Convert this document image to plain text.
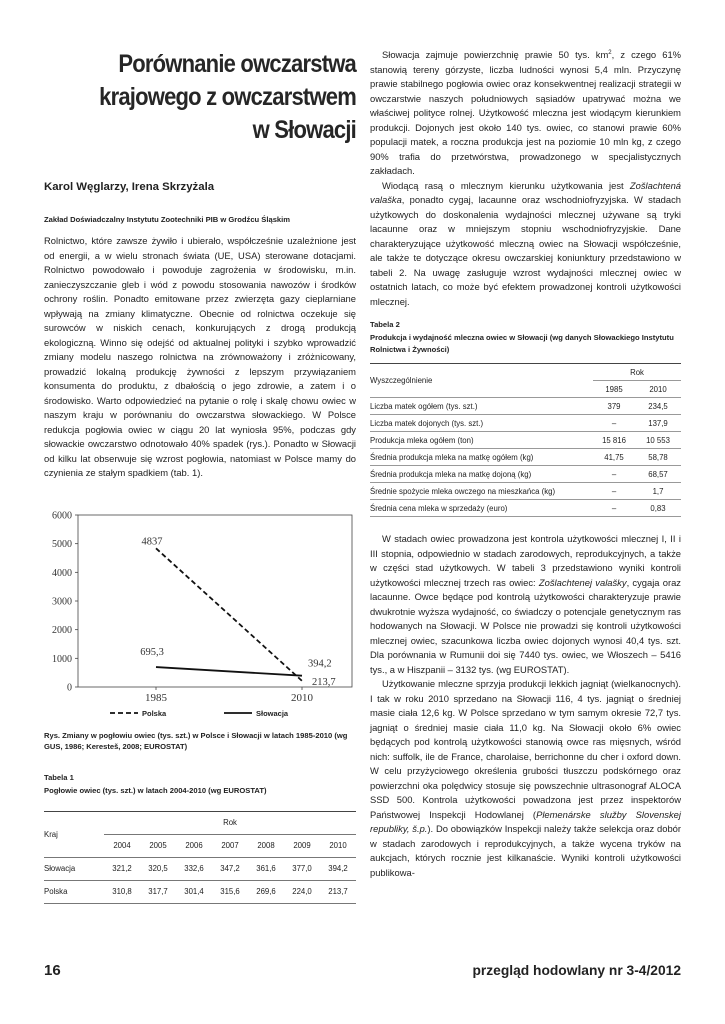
Porównanie owczarstwa
krajowego z owczarstwem
w Słowacji
Karol Węglarzy, Irena Skrzyżala
Zakład Doświadczalny Instytutu Zootechniki PIB w Grodźcu Śląskim

Rolnictwo, które zawsze żywiło i ubierało, współcześnie uzależnione jest od energii, a w wielu stronach świata (UE, USA) sterowane dotacjami. Rolnictwo powodowało i powoduje zagrożenia w środowisku, m.in. zanieczyszczanie gleb i wód z powodu stosowania nawozów i środków ochrony roślin. Ponadto emitowane przez zwierzęta gazy cieplarniane wpływają na zmiany klimatyczne. Obecnie od rolnictwa oczekuje się surowców w niskich cenach, konkurujących z drogą produkcją ekologiczną. Winno się odejść od aktualnej polityki i szybko wprowadzić zmiany modelu naszego rolnictwa na zrównoważony i zróżnicowany, prowadzić lokalną produkcję żywności z lepszym przywiązaniem konsumenta do produktu, z dbałością o jego zdrowie, a zatem i o środowisko. Warto odpowiedzieć na pytanie o rolę i skalę chowu owiec w naszym kraju w porównaniu do owczarstwa słowackiego. W Polsce redukcja pogłowia owiec w ciągu 20 lat wyniosła 95%, podczas gdy słowackie owczarstwo odnotowało 40% spadek (rys.). Ponadto w Słowacji od kilku lat obserwuje się wzrost pogłowia, natomiast w Polsce mamy do czynienia ze stałym spadkiem (tab. 1).

0
1000
2000
3000
4000
5000
6000
1985	2010
4837
213,7
695,3
394,2
Polska	Słowacja
Rys. Zmiany w pogłowiu owiec (tys. szt.) w Polsce i Słowacji w latach 1985-2010 (wg GUS, 1986; Keresteš, 2008; EUROSTAT)
Tabela 1
Pogłowie owiec (tys. szt.) w latach 2004-2010 (wg EUROSTAT)
Kraj	Rok						
	2004	2005	2006	2007	2008	2009	2010
Słowacja	321,2	320,5	332,6	347,2	361,6	377,0	394,2
Polska	310,8	317,7	301,4	315,6	269,6	224,0	213,7

Słowacja zajmuje powierzchnię prawie 50 tys. $km^2$, z czego 61% stanowią tereny górzyste, liczba ludności wynosi 5,4 mln. Przyczynę prawie stabilnego pogłowia owiec oraz konsekwentnej realizacji strategii w owczarstwie naszych południowych sąsiadów upatrywać można we właściwej polityce rolnej. Użytkowość mleczna jest wiodącym kierunkiem produkcji. Dojonych jest około 140 tys. owiec, co stanowi prawie 60% populacji matek, a roczna produkcja jest na poziomie 10 mln kg, z czego 90% trafia do przetwórstwa, prowadzonego w specjalistycznych zakładach.

Wiodącą rasą o mlecznym kierunku użytkowania jest Zošlachtená valaška, ponadto cygaj, lacaunne oraz wschodniofryzyjska. W stadach użytkowych do doskonalenia wydajności mlecznej używane są tryki lacaunne oraz w mniejszym stopniu wschodniofryzyjskie. Dane charakteryzujące użytkowość mleczną owiec na Słowacji współcześnie, ale także te dotyczące okresu owczarskiej koniunktury przedstawiono w tabeli 2. Na uwagę zasługuje wzrost wydajności mlecznej owiec w ostatnich latach, co może być efektem prowadzonej kontroli użytkowości mlecznej.

Tabela 2
Produkcja i wydajność mleczna owiec w Słowacji (wg danych Słowackiego Instytutu Rolnictwa i Żywności)
Wyszczególnienie	Rok	
	1985	2010
Liczba matek ogółem (tys. szt.)	379	234,5
Liczba matek dojonych (tys. szt.)	–	137,9
Produkcja mleka ogółem (ton)	15 816	10 553
Średnia produkcja mleka na matkę ogółem (kg)	41,75	58,78
Średnia produkcja mleka na matkę dojoną (kg)	–	68,57
Średnie spożycie mleka owczego na mieszkańca (kg)	–	1,7
Średnia cena mleka w sprzedaży (euro)	–	0,83

W stadach owiec prowadzona jest kontrola użytkowości mlecznej I, II i III stopnia, odpowiednio w stadach zarodowych, reprodukcyjnych, a także w części stad użytkowych. W tabeli 3 przedstawiono wyniki kontroli użytkowości mlecznej trzech ras owiec: Zošlachtenej valašky, cygaja oraz lacaunne. Owce będące pod kontrolą użytkowości charakteryzuje prawie dwukrotnie wyższa wydajność, co świadczy o potencjale genetycznym ras hodowanych na Słowacji. W Polsce nie prowadzi się kontroli użytkowości mlecznej owiec, szacunkowa liczba owiec dojonych wynosi 40,4 tys. szt. Dla porównania w Rumunii doi się 7440 tys. owiec, we Włoszech – 5416 tys., a w Hiszpanii – 3132 tys. (wg EUROSTAT).

Użytkowanie mleczne sprzyja produkcji lekkich jagniąt (wielkanocnych). I tak w roku 2010 sprzedano na Słowacji 116, 4 tys. jagniąt o średniej masie ciała 12,6 kg. W Polsce sprzedano w tym samym okresie 72,7 tys. jagniąt o średniej masie ciała 11,0 kg. Na Słowacji około 6% owiec będących pod kontrolą użytkowości stanowią owce ras mięsnych, wśród nich: suffolk, ile de France, charolaise, berrichonne du cher i oxford down. W celu przyżyciowego określenia grubości tłuszczu podskórnego oraz powierzchni oka polędwicy stosuje się powszechnie ultrasonograf ALOCA SSD 500. Kontrola użytkowości powadzona jest przez inspektorów Państwowej Inspekcji Hodowlanej (Plemenárske služby Slovenskej republiky, š.p.). Do obowiązków Inspekcji należy także selekcja oraz dobór w stadach zarodowych i reprodukcyjnych, a także wycena tryków na aukcjach, których rocznie jest kilkanaście. Wyniki kontroli użytkowości publikowa-

16	przegląd hodowlany nr 3-4/2012
